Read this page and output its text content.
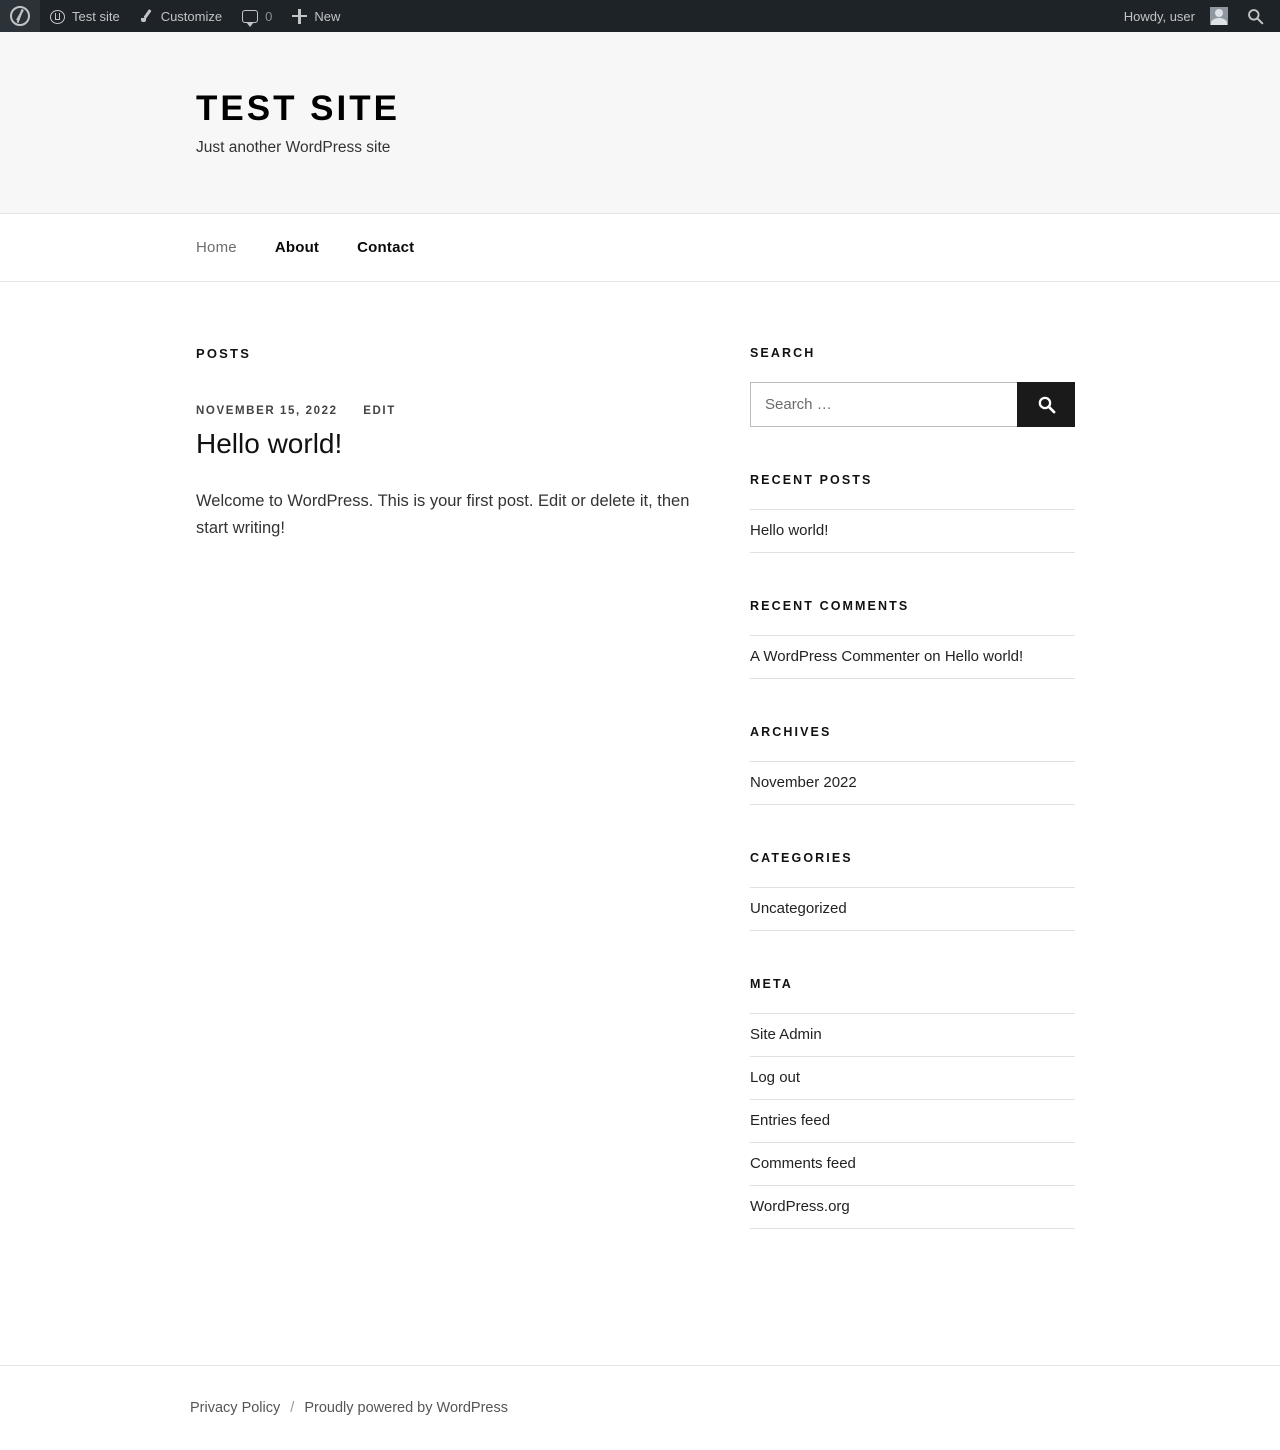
Test site	Customize	0	New	Howdy, user
TEST SITE

Just another WordPress site

Home	About	Contact
POSTS
NOVEMBER 15, 2022 EDIT
Hello world!
Welcome to WordPress. This is your first post. Edit or delete it, then start writing!
SEARCH
Search …
RECENT POSTS
Hello world!
RECENT COMMENTS
A WordPress Commenter on Hello world!
ARCHIVES
November 2022
CATEGORIES
Uncategorized
META
Site Admin
Log out
Entries feed
Comments feed
WordPress.org
Privacy Policy / Proudly powered by WordPress
